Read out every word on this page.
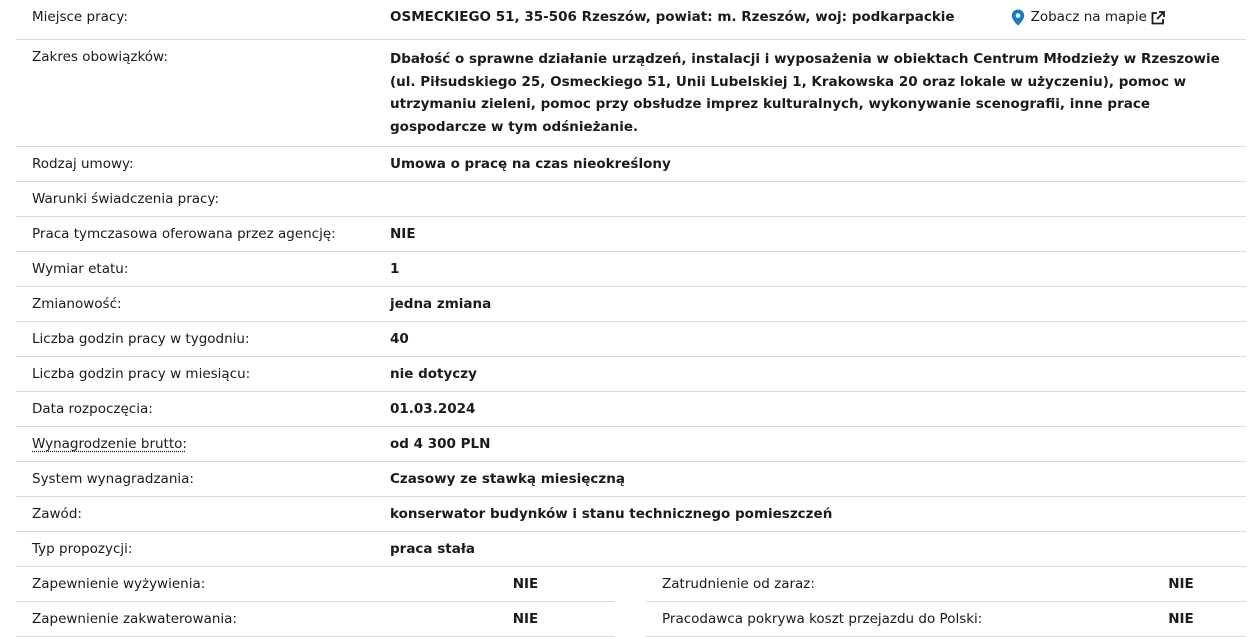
Miejsce pracy:	OSMECKIEGO 51, 35-506 Rzeszów, powiat: m. Rzeszów, woj: podkarpackie	Zobacz na mapie
Zakres obowiązków:	Dbałość o sprawne działanie urządzeń, instalacji i wyposażenia w obiektach Centrum Młodzieży w Rzeszowie (ul. Piłsudskiego 25, Osmeckiego 51, Unii Lubelskiej 1, Krakowska 20 oraz lokale w użyczeniu), pomoc w utrzymaniu zieleni, pomoc przy obsłudze imprez kulturalnych, wykonywanie scenografii, inne prace gospodarcze w tym odśnieżanie.
Rodzaj umowy:	Umowa o pracę na czas nieokreślony
Warunki świadczenia pracy:
Praca tymczasowa oferowana przez agencję:	NIE
Wymiar etatu:	1
Zmianowość:	jedna zmiana
Liczba godzin pracy w tygodniu:	40
Liczba godzin pracy w miesiącu:	nie dotyczy
Data rozpoczęcia:	01.03.2024
Wynagrodzenie brutto:	od 4 300 PLN
System wynagradzania:	Czasowy ze stawką miesięczną
Zawód:	konserwator budynków i stanu technicznego pomieszczeń
Typ propozycji:	praca stała
Zapewnienie wyżywienia:	NIE
Zapewnienie zakwaterowania:	NIE
Zatrudnienie od zaraz:	NIE
Pracodawca pokrywa koszt przejazdu do Polski:	NIE
